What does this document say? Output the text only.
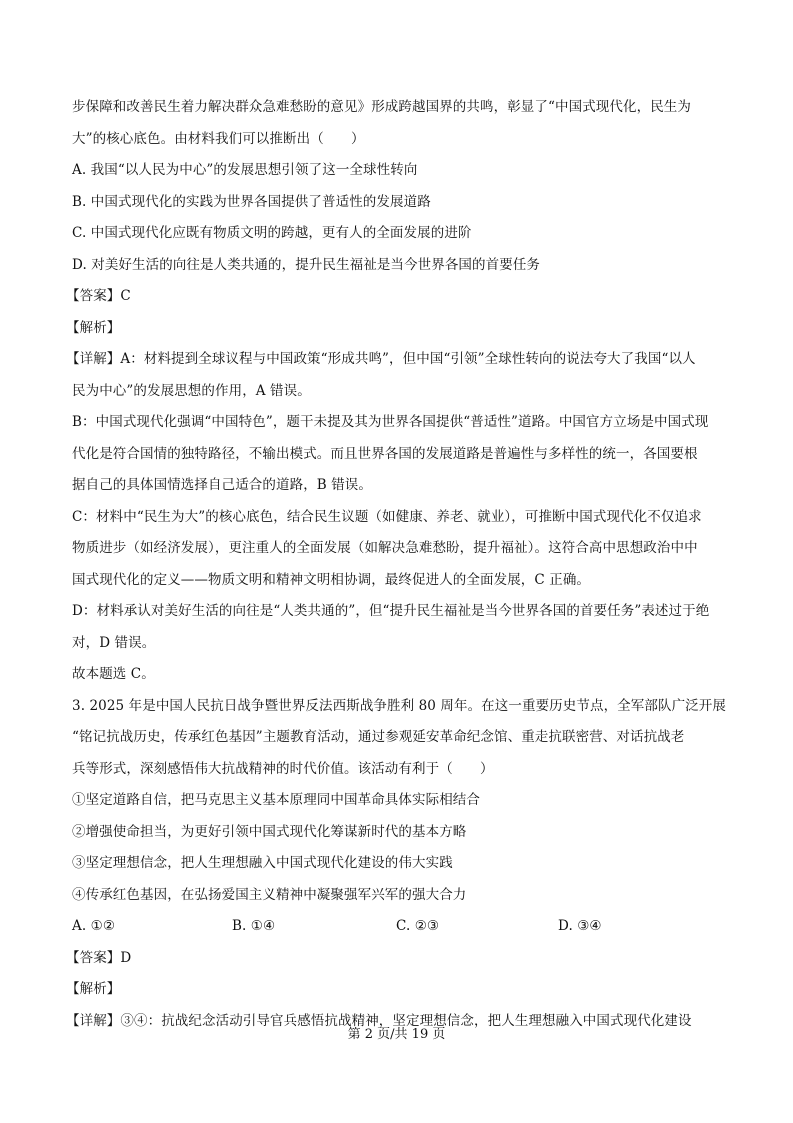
步保障和改善民生着力解决群众急难愁盼的意见》形成跨越国界的共鸣，彰显了“中国式现代化，民生为
大”的核心底色。由材料我们可以推断出（　　）
A. 我国“以人民为中心”的发展思想引领了这一全球性转向
B. 中国式现代化的实践为世界各国提供了普适性的发展道路
C. 中国式现代化应既有物质文明的跨越，更有人的全面发展的进阶
D. 对美好生活的向往是人类共通的，提升民生福祉是当今世界各国的首要任务
【答案】C
【解析】
【详解】A：材料提到全球议程与中国政策“形成共鸣”，但中国“引领”全球性转向的说法夸大了我国“以人
民为中心”的发展思想的作用，A 错误。
B：中国式现代化强调“中国特色”，题干未提及其为世界各国提供“普适性”道路。中国官方立场是中国式现
代化是符合国情的独特路径，不输出模式。而且世界各国的发展道路是普遍性与多样性的统一，各国要根
据自己的具体国情选择自己适合的道路，B 错误。
C：材料中“民生为大”的核心底色，结合民生议题（如健康、养老、就业），可推断中国式现代化不仅追求
物质进步（如经济发展），更注重人的全面发展（如解决急难愁盼，提升福祉）。这符合高中思想政治中中
国式现代化的定义——物质文明和精神文明相协调，最终促进人的全面发展，C 正确。
D：材料承认对美好生活的向往是“人类共通的”，但“提升民生福祉是当今世界各国的首要任务”表述过于绝
对，D 错误。
故本题选 C。
3. 2025 年是中国人民抗日战争暨世界反法西斯战争胜利 80 周年。在这一重要历史节点，全军部队广泛开展
“铭记抗战历史，传承红色基因”主题教育活动，通过参观延安革命纪念馆、重走抗联密营、对话抗战老
兵等形式，深刻感悟伟大抗战精神的时代价值。该活动有利于（　　）
①坚定道路自信，把马克思主义基本原理同中国革命具体实际相结合
②增强使命担当，为更好引领中国式现代化筹谋新时代的基本方略
③坚定理想信念，把人生理想融入中国式现代化建设的伟大实践
④传承红色基因，在弘扬爱国主义精神中凝聚强军兴军的强大合力
A. ①②	B. ①④	C. ②③	D. ③④
【答案】D
【解析】
【详解】③④：抗战纪念活动引导官兵感悟抗战精神，坚定理想信念，把人生理想融入中国式现代化建设
第 2 页/共 19 页
